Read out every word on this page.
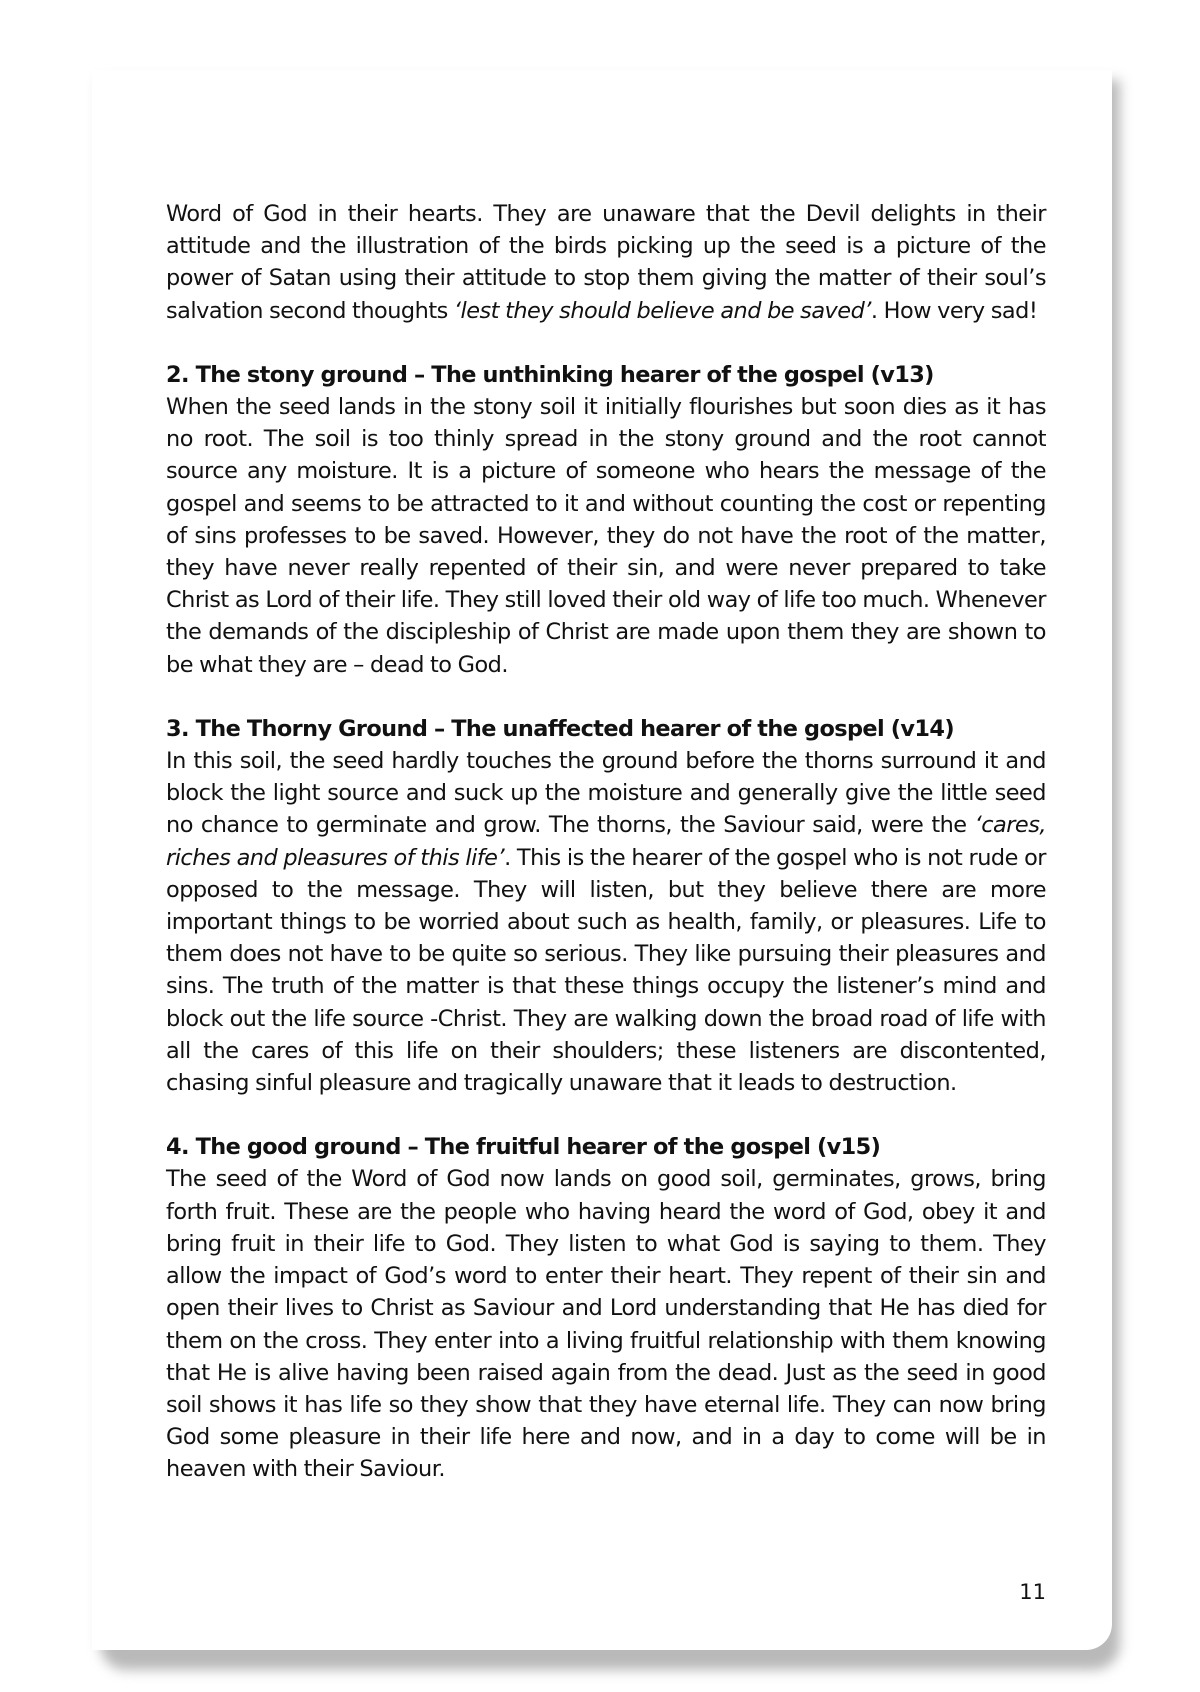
Word of God in their hearts. They are unaware that the Devil delights in their attitude and the illustration of the birds picking up the seed is a picture of the power of Satan using their attitude to stop them giving the matter of their soul’s salvation second thoughts ‘lest they should believe and be saved’. How very sad!

2. The stony ground – The unthinking hearer of the gospel (v13)

When the seed lands in the stony soil it initially flourishes but soon dies as it has no root. The soil is too thinly spread in the stony ground and the root cannot source any moisture. It is a picture of someone who hears the message of the gospel and seems to be attracted to it and without counting the cost or repenting of sins professes to be saved. However, they do not have the root of the matter, they have never really repented of their sin, and were never prepared to take Christ as Lord of their life. They still loved their old way of life too much. Whenever the demands of the discipleship of Christ are made upon them they are shown to be what they are – dead to God.

3. The Thorny Ground – The unaffected hearer of the gospel (v14)

In this soil, the seed hardly touches the ground before the thorns surround it and block the light source and suck up the moisture and generally give the little seed no chance to germinate and grow. The thorns, the Saviour said, were the ‘cares, riches and pleasures of this life’. This is the hearer of the gospel who is not rude or opposed to the message. They will listen, but they believe there are more important things to be worried about such as health, family, or pleasures. Life to them does not have to be quite so serious. They like pursuing their pleasures and sins. The truth of the matter is that these things occupy the listener’s mind and block out the life source -Christ. They are walking down the broad road of life with all the cares of this life on their shoulders; these listeners are discontented, chasing sinful pleasure and tragically unaware that it leads to destruction.

4. The good ground – The fruitful hearer of the gospel (v15)

The seed of the Word of God now lands on good soil, germinates, grows, bring forth fruit. These are the people who having heard the word of God, obey it and bring fruit in their life to God. They listen to what God is saying to them. They allow the impact of God’s word to enter their heart. They repent of their sin and open their lives to Christ as Saviour and Lord understanding that He has died for them on the cross. They enter into a living fruitful relationship with them knowing that He is alive having been raised again from the dead. Just as the seed in good soil shows it has life so they show that they have eternal life. They can now bring God some pleasure in their life here and now, and in a day to come will be in heaven with their Saviour.

11
